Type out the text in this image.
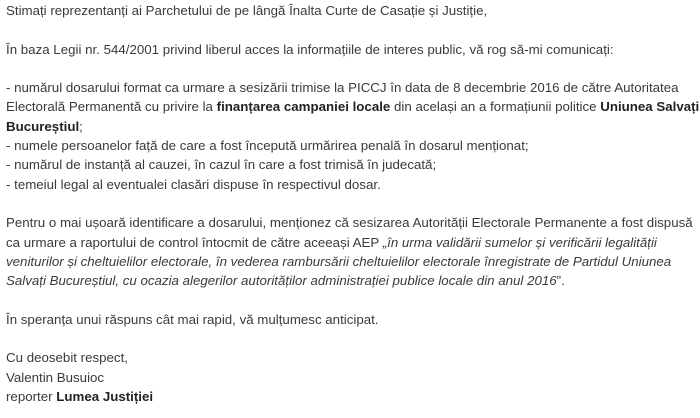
Stimați reprezentanți ai Parchetului de pe lângă Înalta Curte de Casație și Justiție,
În baza Legii nr. 544/2001 privind liberul acces la informațiile de interes public, vă rog să-mi comunicați:
- numărul dosarului format ca urmare a sesizării trimise la PICCJ în data de 8 decembrie 2016 de către Autoritatea
Electorală Permanentă cu privire la finanțarea campaniei locale din același an a formațiunii politice Uniunea Salvați
Bucureștiul;
- numele persoanelor față de care a fost începută urmărirea penală în dosarul menționat;
- numărul de instanță al cauzei, în cazul în care a fost trimisă în judecată;
- temeiul legal al eventualei clasări dispuse în respectivul dosar.
Pentru o mai ușoară identificare a dosarului, menționez că sesizarea Autorității Electorale Permanente a fost dispusă
ca urmare a raportului de control întocmit de către aceeași AEP „în urma validării sumelor și verificării legalității
veniturilor și cheltuielilor electorale, în vederea rambursării cheltuielilor electorale înregistrate de Partidul Uniunea
Salvați Bucureștiul, cu ocazia alegerilor autorităților administrației publice locale din anul 2016”.
În speranța unui răspuns cât mai rapid, vă mulțumesc anticipat.
Cu deosebit respect,
Valentin Busuioc
reporter Lumea Justiției
